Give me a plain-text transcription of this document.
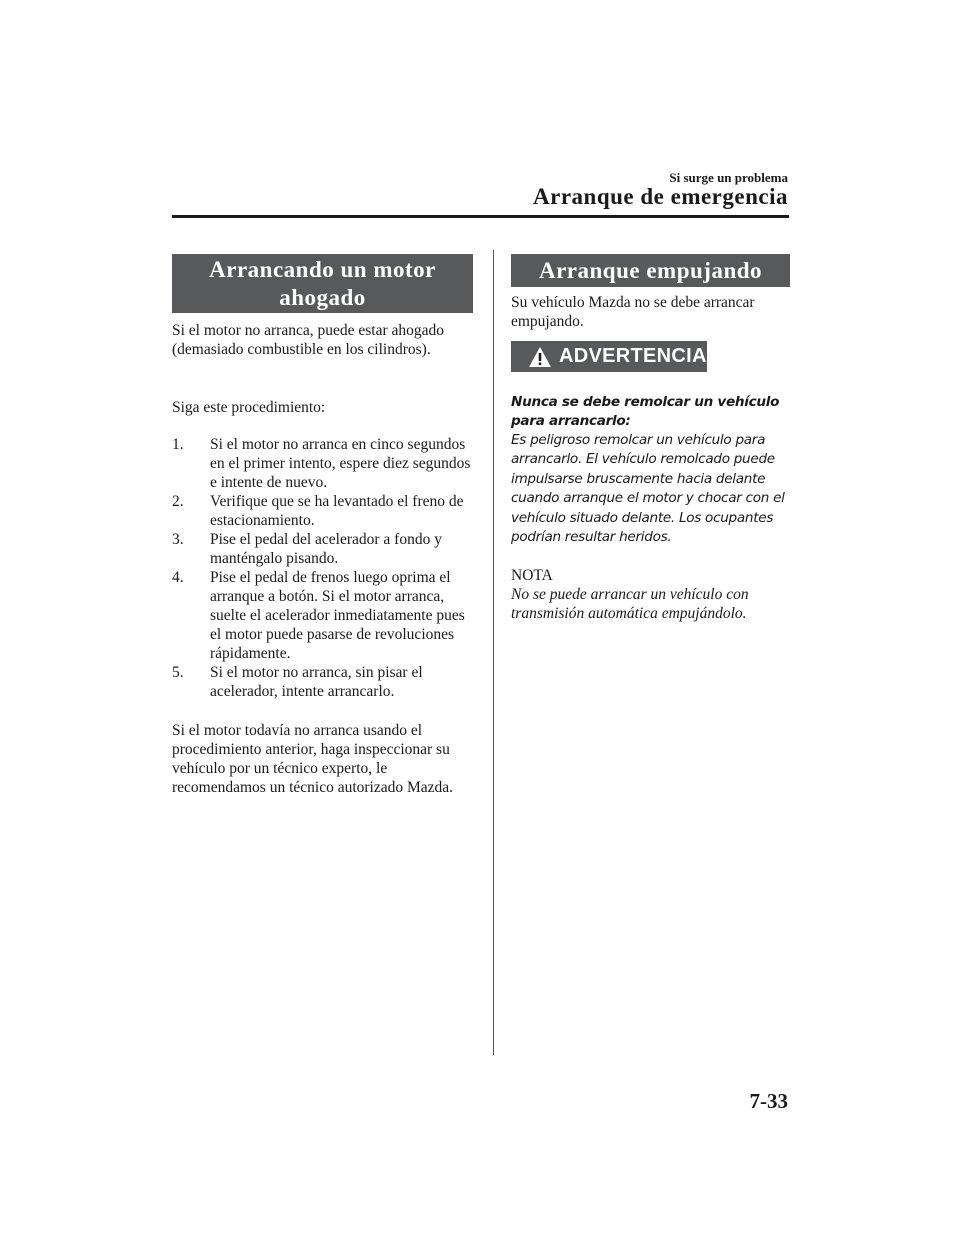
Si surge un problema
Arranque de emergencia
Arrancando un motor ahogado
Si el motor no arranca, puede estar ahogado (demasiado combustible en los cilindros).
Siga este procedimiento:
1. Si el motor no arranca en cinco segundos en el primer intento, espere diez segundos e intente de nuevo.
2. Verifique que se ha levantado el freno de estacionamiento.
3. Pise el pedal del acelerador a fondo y manténgalo pisando.
4. Pise el pedal de frenos luego oprima el arranque a botón. Si el motor arranca, suelte el acelerador inmediatamente pues el motor puede pasarse de revoluciones rápidamente.
5. Si el motor no arranca, sin pisar el acelerador, intente arrancarlo.
Si el motor todavía no arranca usando el procedimiento anterior, haga inspeccionar su vehículo por un técnico experto, le recomendamos un técnico autorizado Mazda.
Arranque empujando
Su vehículo Mazda no se debe arrancar empujando.
ADVERTENCIA
Nunca se debe remolcar un vehículo para arrancarlo:
Es peligroso remolcar un vehículo para arrancarlo. El vehículo remolcado puede impulsarse bruscamente hacia delante cuando arranque el motor y chocar con el vehículo situado delante. Los ocupantes podrían resultar heridos.
NOTA
No se puede arrancar un vehículo con transmisión automática empujándolo.
7-33
